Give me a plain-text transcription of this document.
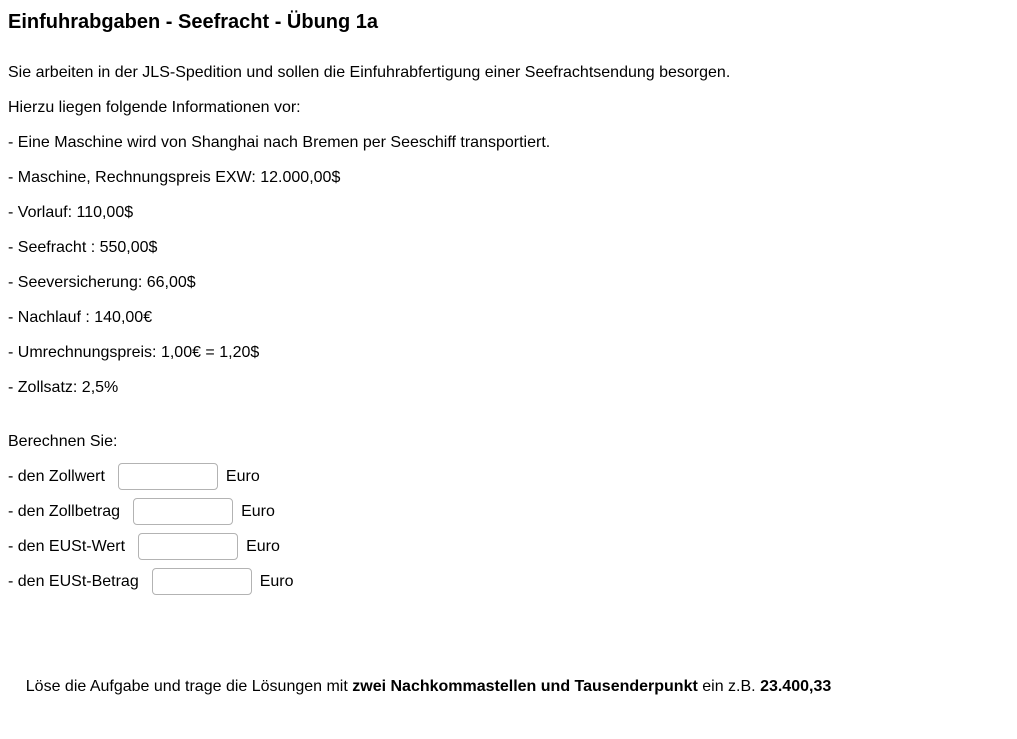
Einfuhrabgaben - Seefracht - Übung 1a
Sie arbeiten in der JLS-Spedition und sollen die Einfuhrabfertigung einer Seefrachtsendung besorgen.
Hierzu liegen folgende Informationen vor:
- Eine Maschine wird von Shanghai nach Bremen per Seeschiff transportiert.
- Maschine, Rechnungspreis EXW: 12.000,00$
- Vorlauf: 110,00$
- Seefracht : 550,00$
- Seeversicherung: 66,00$
- Nachlauf : 140,00€
- Umrechnungspreis: 1,00€ = 1,20$
- Zollsatz: 2,5%
Berechnen Sie:
- den Zollwert	Euro
- den Zollbetrag	Euro
- den EUSt-Wert	Euro
- den EUSt-Betrag	Euro

Löse die Aufgabe und trage die Lösungen mit zwei Nachkommastellen und Tausenderpunkt ein z.B. 23.400,33
